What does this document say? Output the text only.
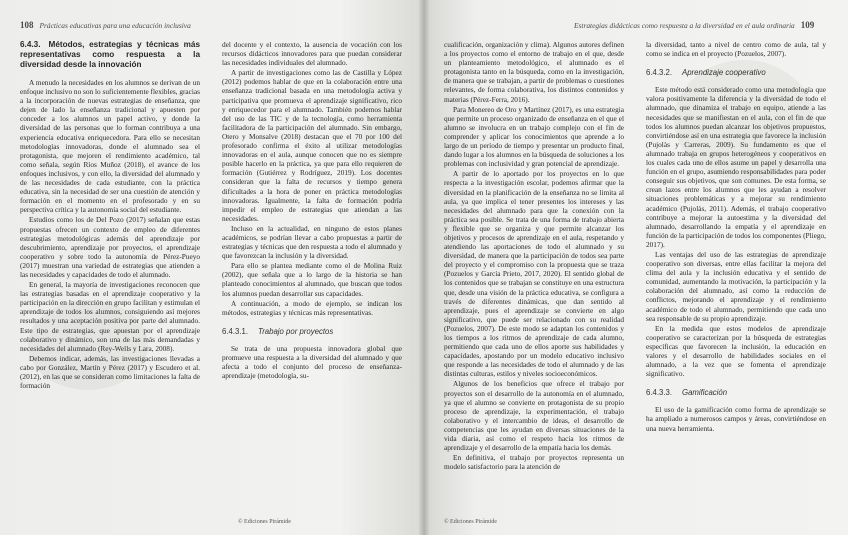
108 Prácticas educativas para una educación inclusiva
6.4.3. Métodos, estrategias y técnicas más representativas como respuesta a la diversidad desde la innovación

A menudo la necesidades en los alumnos se derivan de un enfoque inclusivo no son lo suficientemente flexibles, gracias a la incorporación de nuevas estrategias de enseñanza, que dejen de lado la enseñanza tradicional y apuesten por conceder a los alumnos un papel activo, y donde la diversidad de las personas que lo forman contribuya a una experiencia educativa enriquecedora. Para ello se necesitan metodologías innovadoras, donde el alumnado sea el protagonista, que mejoren el rendimiento académico, tal como señala, según Ríos Muñoz (2018), el avance de los enfoques inclusivos, y con ello, la diversidad del alumnado y de las necesidades de cada estudiante, con la práctica educativa, sin la necesidad de ser una cuestión de atención y formación en el momento en el profesorado y en su perspectiva crítica y la autonomía social del estudiante.

Estudios como los de Del Pozo (2017) señalan que estas propuestas ofrecen un contexto de empleo de diferentes estrategias metodológicas además del aprendizaje por descubrimiento, aprendizaje por proyectos, el aprendizaje cooperativo y sobre todo la autonomía de Pérez-Pueyo (2017) muestran una variedad de estrategias que atienden a las necesidades y capacidades de todo el alumnado.

En general, la mayoría de investigaciones reconocen que las estrategias basadas en el aprendizaje cooperativo y la participación en la dirección en grupo facilitan y estimulan el aprendizaje de todos los alumnos, consiguiendo así mejores resultados y una aceptación positiva por parte del alumnado. Este tipo de estrategias, que apuestan por el aprendizaje colaborativo y dinámico, son una de las más demandadas y necesidades del alumnado (Rey-Wells y Lara, 2008).

Debemos indicar, además, las investigaciones llevadas a cabo por González, Martín y Pérez (2017) y Escudero et al. (2012), en las que se consideran como limitaciones la falta de formación

del docente y el contexto, la ausencia de vocación con los recursos didácticos innovadores para que puedan considerar las necesidades individuales del alumnado.

A partir de investigaciones como las de Castilla y López (2012) podemos hablar de que en la colaboración entre una enseñanza tradicional basada en una metodología activa y participativa que promueva el aprendizaje significativo, rico y enriquecedor para el alumnado. También podemos hablar del uso de las TIC y de la tecnología, como herramienta facilitadora de la participación del alumnado. Sin embargo, Otero y Monsalve (2018) destacan que el 70 por 100 del profesorado confirma el éxito al utilizar metodologías innovadoras en el aula, aunque conocen que no es siempre posible hacerlo en la práctica, ya que para ello requieren de formación (Gutiérrez y Rodríguez, 2019). Los docentes consideran que la falta de recursos y tiempo genera dificultades a la hora de poner en práctica metodologías innovadoras. Igualmente, la falta de formación podría impedir el empleo de estrategias que atiendan a las necesidades.

Incluso en la actualidad, en ninguno de estos planes académicos, se podrían llevar a cabo propuestas a partir de estrategias y técnicas que den respuesta a todo el alumnado y que favorezcan la inclusión y la diversidad.

Para ello se plantea mediante como el de Molina Ruiz (2002), que señala que a lo largo de la historia se han planteado conocimientos al alumnado, que buscan que todos los alumnos puedan desarrollar sus capacidades.

A continuación, a modo de ejemplo, se indican los métodos, estrategias y técnicas más representativas.

6.4.3.1. Trabajo por proyectos

Se trata de una propuesta innovadora global que promueve una respuesta a la diversidad del alumnado y que afecta a todo el conjunto del proceso de enseñanza-aprendizaje (metodología, su-

© Ediciones Pirámide
Estrategias didácticas como respuesta a la diversidad en el aula ordinaria 109

cualificación, organización y clima). Algunos autores definen a los proyectos como el entorno de trabajo en el que, desde un planteamiento metodológico, el alumnado es el protagonista tanto en la búsqueda, como en la investigación, de manera que se trabajan, a partir de problemas o cuestiones relevantes, de forma colaborativa, los distintos contenidos y materias (Pérez-Ferra, 2016).

Para Monereo de Oro y Martínez (2017), es una estrategia que permite un proceso organizado de enseñanza en el que el alumno se involucra en un trabajo complejo con el fin de comprender y aplicar los conocimientos que aprende a lo largo de un período de tiempo y presentar un producto final, dando lugar a los alumnos en la búsqueda de soluciones a los problemas con inclusividad y gran potencial de aprendizaje.

A partir de lo aportado por los proyectos en lo que respecta a la investigación escolar, podemos afirmar que la diversidad en la planificación de la enseñanza no se limita al aula, ya que implica el tener presentes los intereses y las necesidades del alumnado para que la conexión con la práctica sea posible. Se trata de una forma de trabajo abierta y flexible que se organiza y que permite alcanzar los objetivos y procesos de aprendizaje en el aula, respetando y atendiendo las aportaciones de todo el alumnado y su diversidad, de manera que la participación de todos sea parte del proyecto y el compromiso con la propuesta que se traza (Pozuelos y García Prieto, 2017, 2020). El sentido global de los contenidos que se trabajan se constituye en una estructura que, desde una visión de la práctica educativa, se configura a través de diferentes dinámicas, que dan sentido al aprendizaje, pues el aprendizaje se convierte en algo significativo, que puede ser relacionado con su realidad (Pozuelos, 2007). De este modo se adaptan los contenidos y los tiempos a los ritmos de aprendizaje de cada alumno, permitiendo que cada uno de ellos aporte sus habilidades y capacidades, apostando por un modelo educativo inclusivo que responde a las necesidades de todo el alumnado y de las distintas culturas, estilos y niveles socioeconómicos.

Algunos de los beneficios que ofrece el trabajo por proyectos son el desarrollo de la autonomía en el alumnado, ya que el alumno se convierte en protagonista de su propio proceso de aprendizaje, la experimentación, el trabajo colaborativo y el intercambio de ideas, el desarrollo de competencias que les ayudan en diversas situaciones de la vida diaria, así como el respeto hacia los ritmos de aprendizaje y el desarrollo de la empatía hacia los demás.

En definitiva, el trabajo por proyectos representa un modelo satisfactorio para la atención de

la diversidad, tanto a nivel de centro como de aula, tal y como se indica en el proyecto (Pozuelos, 2007).

6.4.3.2. Aprendizaje cooperativo

Este método está considerado como una metodología que valora positivamente la diferencia y la diversidad de todo el alumnado, que dinamiza el trabajo en equipo, atiende a las necesidades que se manifiestan en el aula, con el fin de que todos los alumnos puedan alcanzar los objetivos propuestos, convirtiéndose así en una estrategia que favorece la inclusión (Pujolàs y Carreras, 2009). Su fundamento es que el alumnado trabaja en grupos heterogéneos y cooperativos en los cuales cada uno de ellos asume un papel y desarrolla una función en el grupo, asumiendo responsabilidades para poder conseguir sus objetivos, que son comunes. De esta forma, se crean lazos entre los alumnos que les ayudan a resolver situaciones problemáticas y a mejorar su rendimiento académico (Pujolàs, 2011). Además, el trabajo cooperativo contribuye a mejorar la autoestima y la diversidad del alumnado, desarrollando la empatía y el aprendizaje en función de la participación de todos los componentes (Pliego, 2017).

Las ventajas del uso de las estrategias de aprendizaje cooperativo son diversas, entre ellas facilitar la mejora del clima del aula y la inclusión educativa y el sentido de comunidad, aumentando la motivación, la participación y la colaboración del alumnado, así como la reducción de conflictos, mejorando el aprendizaje y el rendimiento académico de todo el alumnado, permitiendo que cada uno sea responsable de su propio aprendizaje.

En la medida que estos modelos de aprendizaje cooperativo se caracterizan por la búsqueda de estrategias específicas que favorecen la inclusión, la educación en valores y el desarrollo de habilidades sociales en el alumnado, a la vez que se fomenta el aprendizaje significativo.

6.4.3.3. Gamificación

El uso de la gamificación como forma de aprendizaje se ha ampliado a numerosos campos y áreas, convirtiéndose en una nueva herramienta.

© Ediciones Pirámide
